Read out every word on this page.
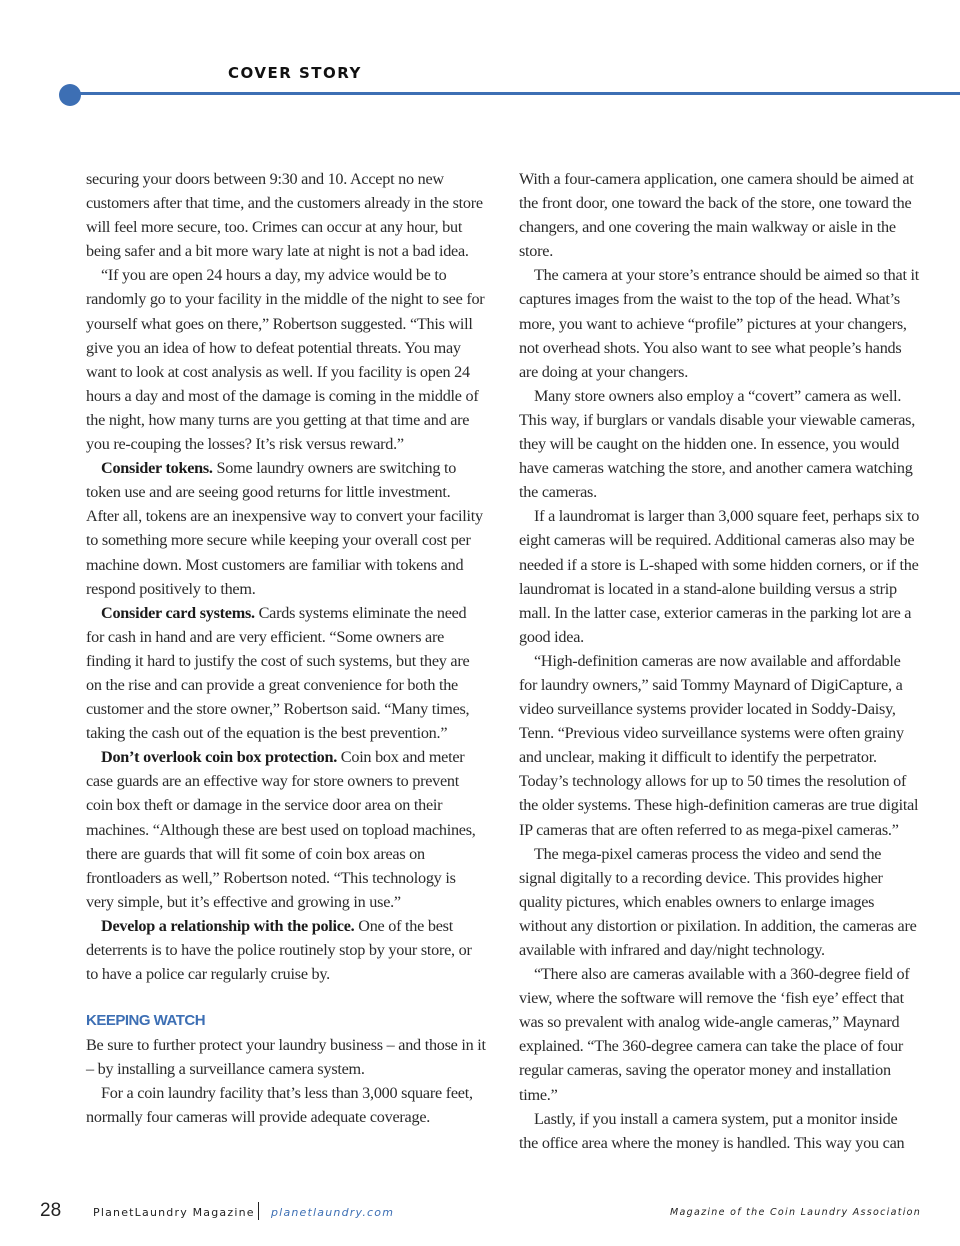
COVER STORY

securing your doors between 9:30 and 10. Accept no new customers after that time, and the customers already in the store will feel more secure, too. Crimes can occur at any hour, but being safer and a bit more wary late at night is not a bad idea.

“If you are open 24 hours a day, my advice would be to randomly go to your facility in the middle of the night to see for yourself what goes on there,” Robertson suggested. “This will give you an idea of how to defeat potential threats. You may want to look at cost analysis as well. If you facility is open 24 hours a day and most of the damage is coming in the middle of the night, how many turns are you getting at that time and are you re-couping the losses? It’s risk versus reward.”

Consider tokens. Some laundry owners are switching to token use and are seeing good returns for little investment. After all, tokens are an inexpensive way to convert your facility to something more secure while keeping your overall cost per machine down. Most customers are familiar with tokens and respond positively to them.

Consider card systems. Cards systems eliminate the need for cash in hand and are very efficient. “Some owners are finding it hard to justify the cost of such systems, but they are on the rise and can provide a great convenience for both the customer and the store owner,” Robertson said. “Many times, taking the cash out of the equation is the best prevention.”

Don’t overlook coin box protection. Coin box and meter case guards are an effective way for store owners to prevent coin box theft or damage in the service door area on their machines. “Although these are best used on topload machines, there are guards that will fit some of coin box areas on frontloaders as well,” Robertson noted. “This technology is very simple, but it’s effective and growing in use.”

Develop a relationship with the police. One of the best deterrents is to have the police routinely stop by your store, or to have a police car regularly cruise by.

KEEPING WATCH

Be sure to further protect your laundry business – and those in it – by installing a surveillance camera system.

For a coin laundry facility that’s less than 3,000 square feet, normally four cameras will provide adequate coverage.

With a four-camera application, one camera should be aimed at the front door, one toward the back of the store, one toward the changers, and one covering the main walkway or aisle in the store.

The camera at your store’s entrance should be aimed so that it captures images from the waist to the top of the head. What’s more, you want to achieve “profile” pictures at your changers, not overhead shots. You also want to see what people’s hands are doing at your changers.

Many store owners also employ a “covert” camera as well. This way, if burglars or vandals disable your viewable cameras, they will be caught on the hidden one. In essence, you would have cameras watching the store, and another camera watching the cameras.

If a laundromat is larger than 3,000 square feet, perhaps six to eight cameras will be required. Additional cameras also may be needed if a store is L-shaped with some hidden corners, or if the laundromat is located in a stand-alone building versus a strip mall. In the latter case, exterior cameras in the parking lot are a good idea.

“High-definition cameras are now available and affordable for laundry owners,” said Tommy Maynard of DigiCapture, a video surveillance systems provider located in Soddy-Daisy, Tenn. “Previous video surveillance systems were often grainy and unclear, making it difficult to identify the perpetrator. Today’s technology allows for up to 50 times the resolution of the older systems. These high-definition cameras are true digital IP cameras that are often referred to as mega-pixel cameras.”

The mega-pixel cameras process the video and send the signal digitally to a recording device. This provides higher quality pictures, which enables owners to enlarge images without any distortion or pixilation. In addition, the cameras are available with infrared and day/night technology.

“There also are cameras available with a 360-degree field of view, where the software will remove the ‘fish eye’ effect that was so prevalent with analog wide-angle cameras,” Maynard explained. “The 360-degree camera can take the place of four regular cameras, saving the operator money and installation time.”

Lastly, if you install a camera system, put a monitor inside the office area where the money is handled. This way you can

28	PlanetLaundry Magazine planetlaundry.com	Magazine of the Coin Laundry Association
